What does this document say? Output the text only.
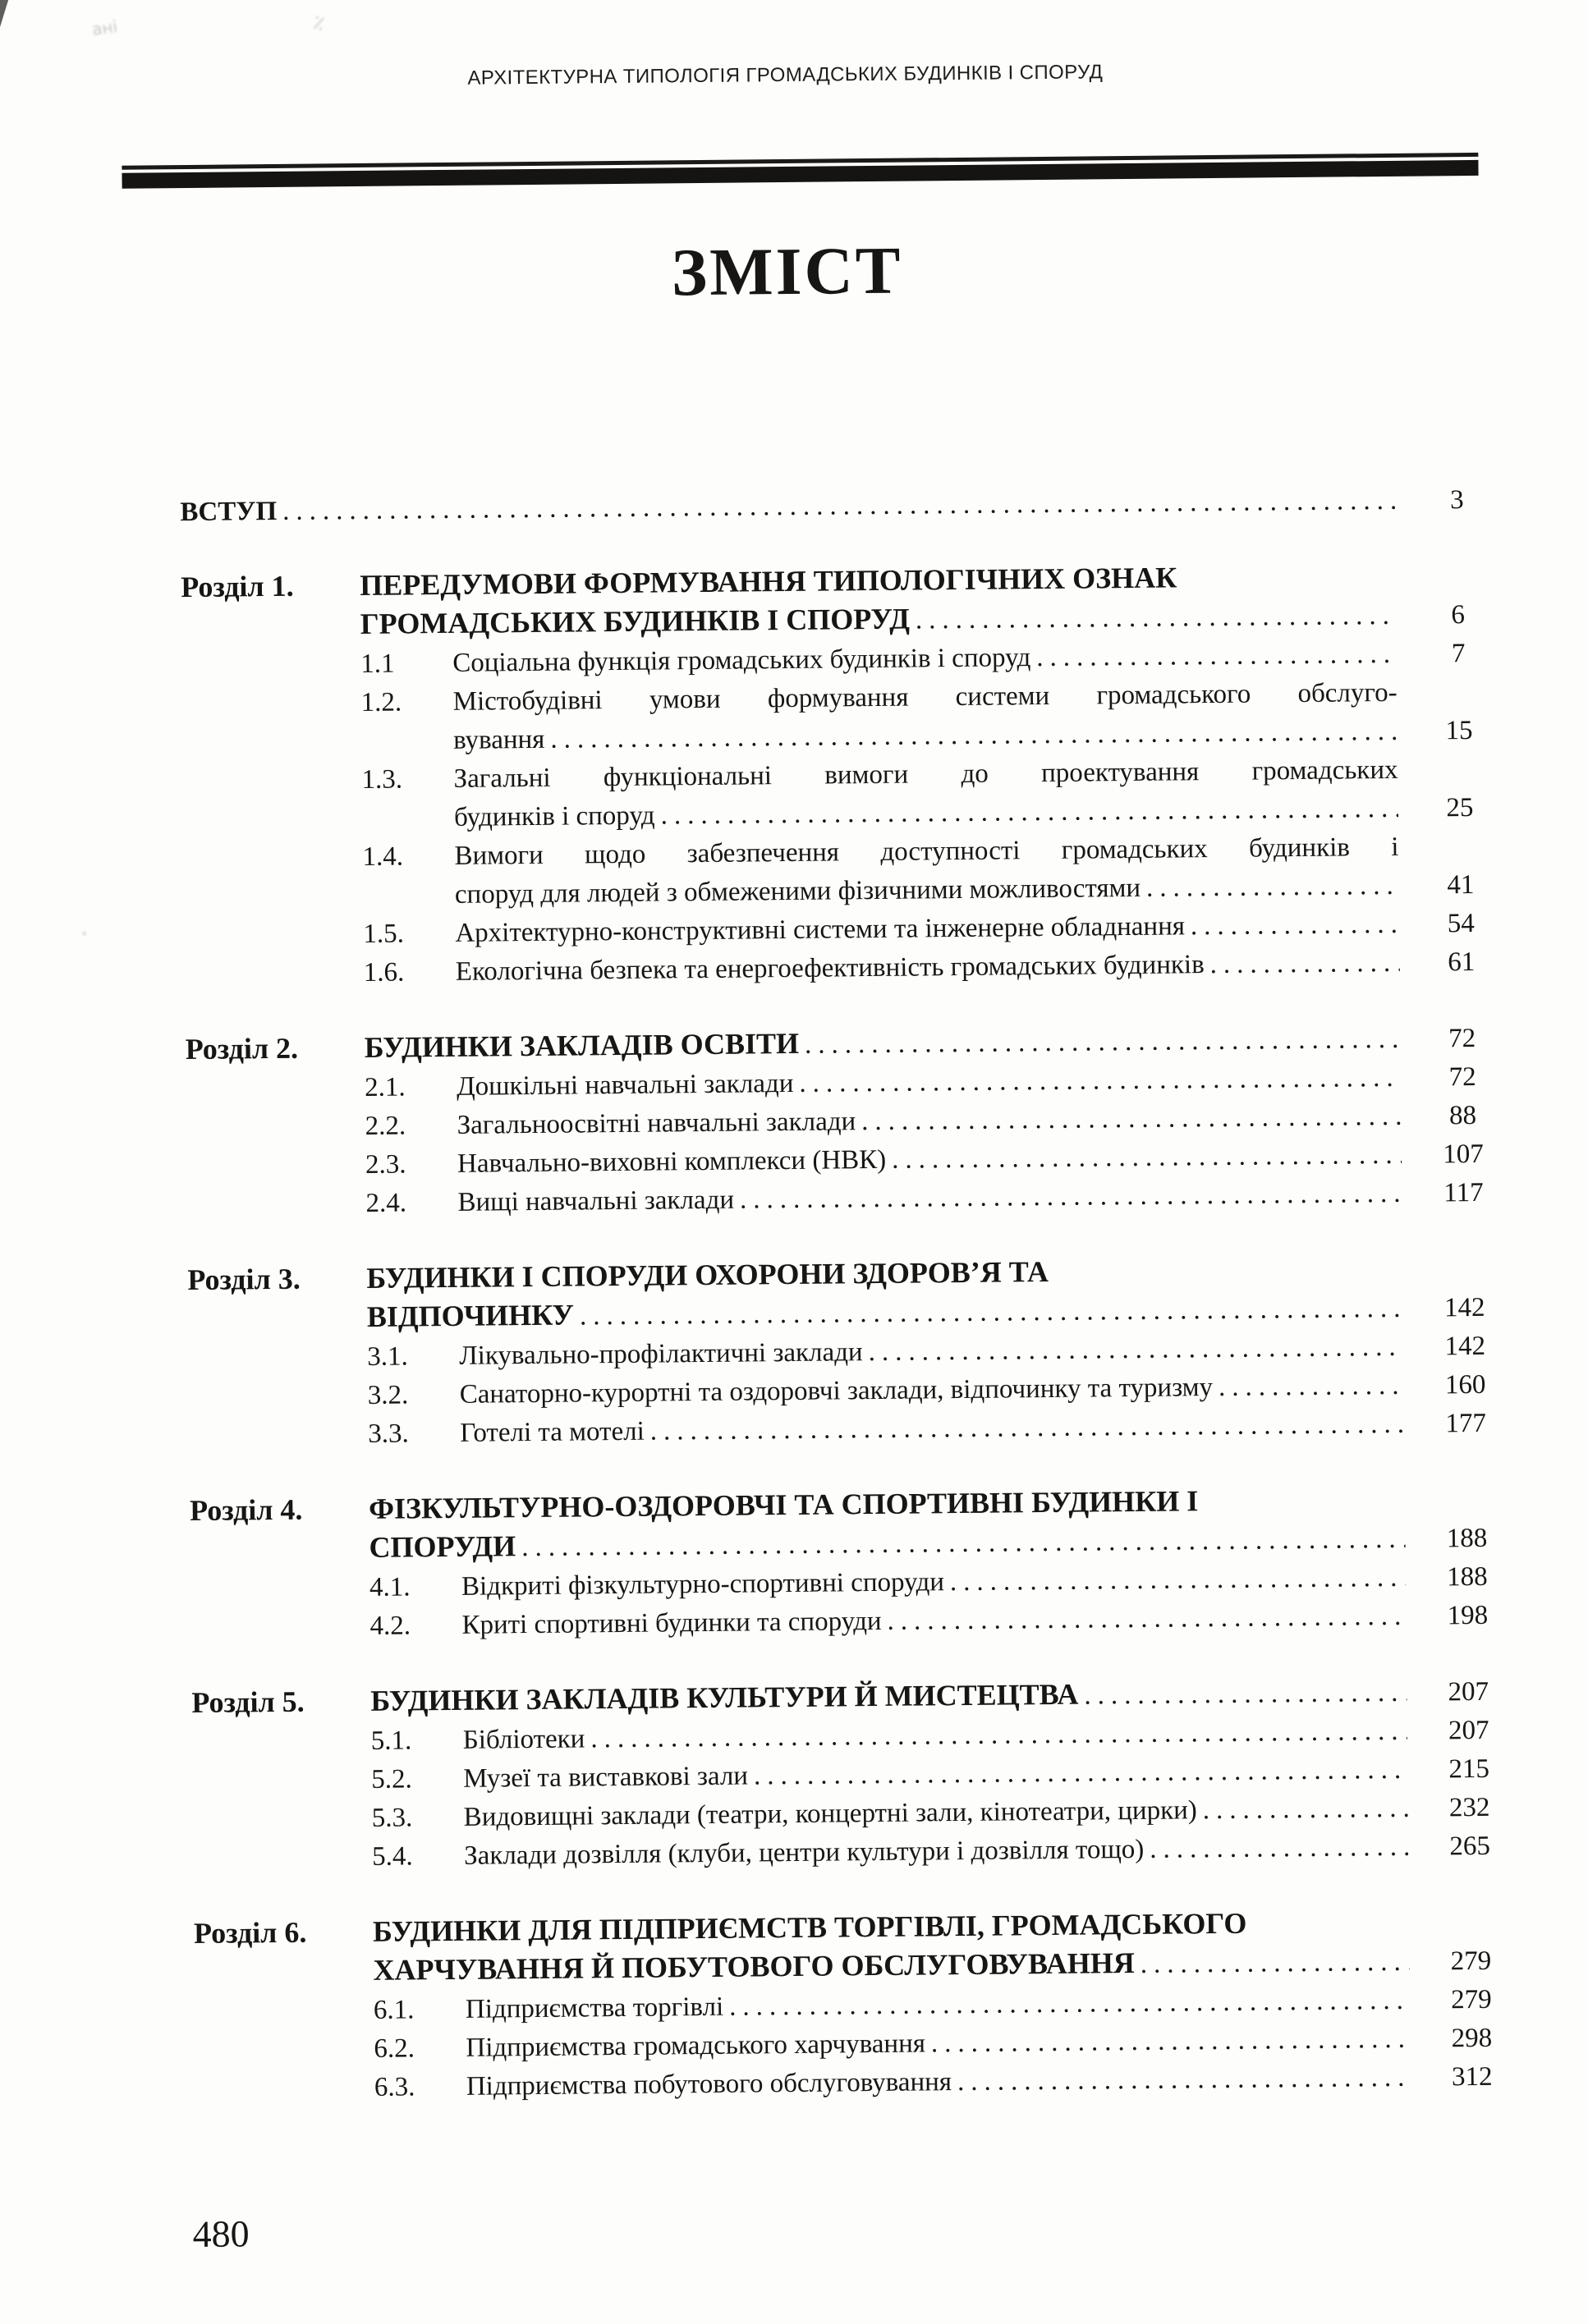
ані	٪
•
АРХІТЕКТУРНА ТИПОЛОГІЯ ГРОМАДСЬКИХ БУДИНКІВ І СПОРУД
ЗМІСТ
ВСТУП .....	3
Розділ 1.	ПЕРЕДУМОВИ ФОРМУВАННЯ ТИПОЛОГІЧНИХ ОЗНАК
ГРОМАДСЬКИХ БУДИНКІВ І СПОРУД .....	6
1.1	Соціальна функція громадських будинків і споруд .....	7
1.2.	Містобудівні умови формування системи громадського обслуго-
вування .....	15
1.3.	Загальні функціональні вимоги до проектування громадських
будинків і споруд .....	25
1.4.	Вимоги щодо забезпечення доступності громадських будинків і
споруд для людей з обмеженими фізичними можливостями .....	41
1.5.	Архітектурно-конструктивні системи та інженерне обладнання .....	54
1.6.	Екологічна безпека та енергоефективність громадських будинків .....	61
Розділ 2.	БУДИНКИ ЗАКЛАДІВ ОСВІТИ .....	72
2.1.	Дошкільні навчальні заклади .....	72
2.2.	Загальноосвітні навчальні заклади .....	88
2.3.	Навчально-виховні комплекси (НВК) .....	107
2.4.	Вищі навчальні заклади .....	117
Розділ 3.	БУДИНКИ І СПОРУДИ ОХОРОНИ ЗДОРОВ’Я ТА
ВІДПОЧИНКУ .....	142
3.1.	Лікувально-профілактичні заклади .....	142
3.2.	Санаторно-курортні та оздоровчі заклади, відпочинку та туризму .....	160
3.3.	Готелі та мотелі .....	177
Розділ 4.	ФІЗКУЛЬТУРНО-ОЗДОРОВЧІ ТА СПОРТИВНІ БУДИНКИ І
СПОРУДИ .....	188
4.1.	Відкриті фізкультурно-спортивні споруди .....	188
4.2.	Криті спортивні будинки та споруди .....	198
Розділ 5.	БУДИНКИ ЗАКЛАДІВ КУЛЬТУРИ Й МИСТЕЦТВА .....	207
5.1.	Бібліотеки .....	207
5.2.	Музеї та виставкові зали .....	215
5.3.	Видовищні заклади (театри, концертні зали, кінотеатри, цирки) .....	232
5.4.	Заклади дозвілля (клуби, центри культури і дозвілля тощо) .....	265
Розділ 6.	БУДИНКИ ДЛЯ ПІДПРИЄМСТВ ТОРГІВЛІ, ГРОМАДСЬКОГО
ХАРЧУВАННЯ Й ПОБУТОВОГО ОБСЛУГОВУВАННЯ .....	279
6.1.	Підприємства торгівлі .....	279
6.2.	Підприємства громадського харчування .....	298
6.3.	Підприємства побутового обслуговування .....	312
480
